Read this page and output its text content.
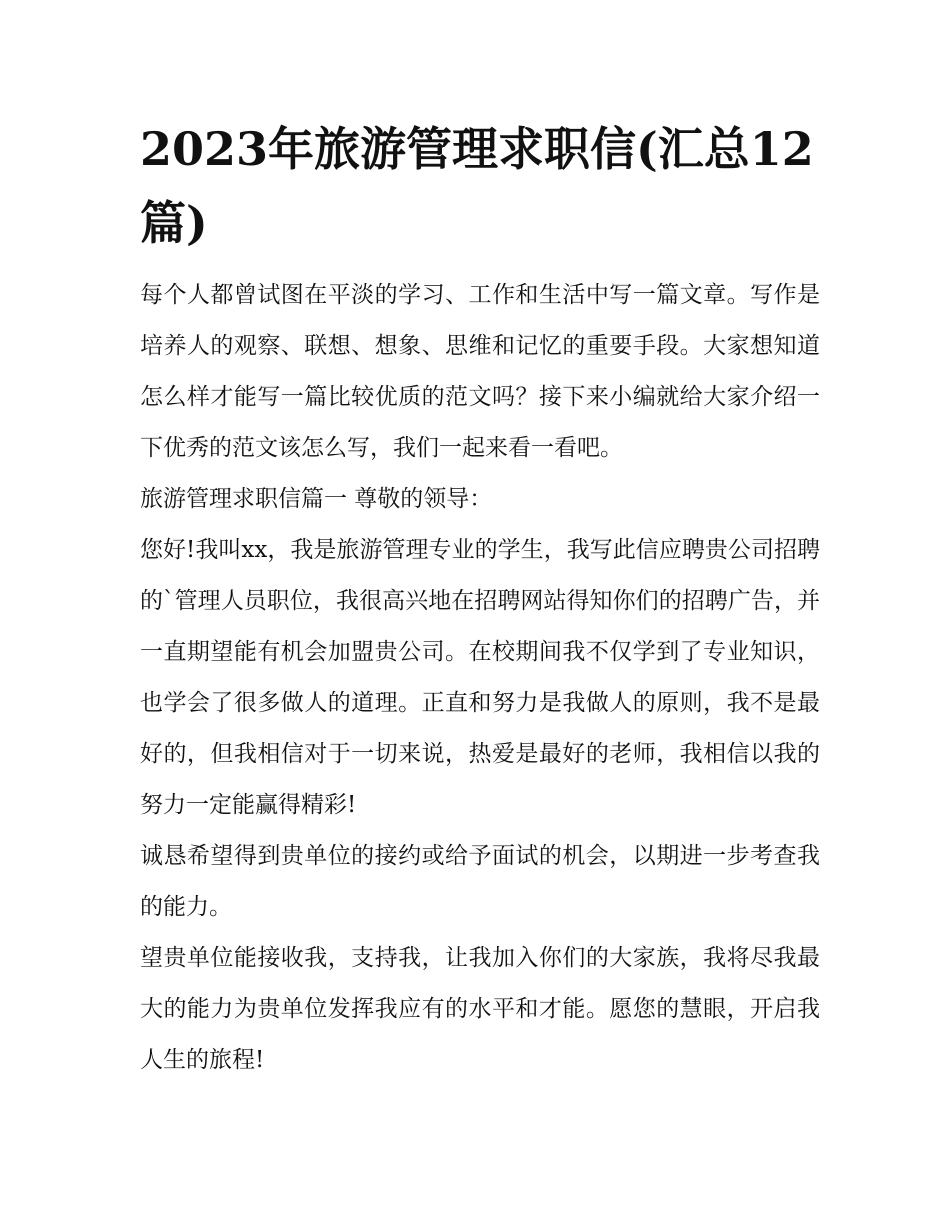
2023年旅游管理求职信(汇总12篇)

每个人都曾试图在平淡的学习、工作和生活中写一篇文章。写作是培养人的观察、联想、想象、思维和记忆的重要手段。大家想知道怎么样才能写一篇比较优质的范文吗？接下来小编就给大家介绍一下优秀的范文该怎么写，我们一起来看一看吧。

旅游管理求职信篇一 尊敬的领导：

您好!我叫xx，我是旅游管理专业的学生，我写此信应聘贵公司招聘的`管理人员职位，我很高兴地在招聘网站得知你们的招聘广告，并一直期望能有机会加盟贵公司。在校期间我不仅学到了专业知识，也学会了很多做人的道理。正直和努力是我做人的原则，我不是最好的，但我相信对于一切来说，热爱是最好的老师，我相信以我的努力一定能赢得精彩!

诚恳希望得到贵单位的接约或给予面试的机会，以期进一步考查我的能力。

望贵单位能接收我，支持我，让我加入你们的大家族，我将尽我最大的能力为贵单位发挥我应有的水平和才能。愿您的慧眼，开启我人生的旅程!
